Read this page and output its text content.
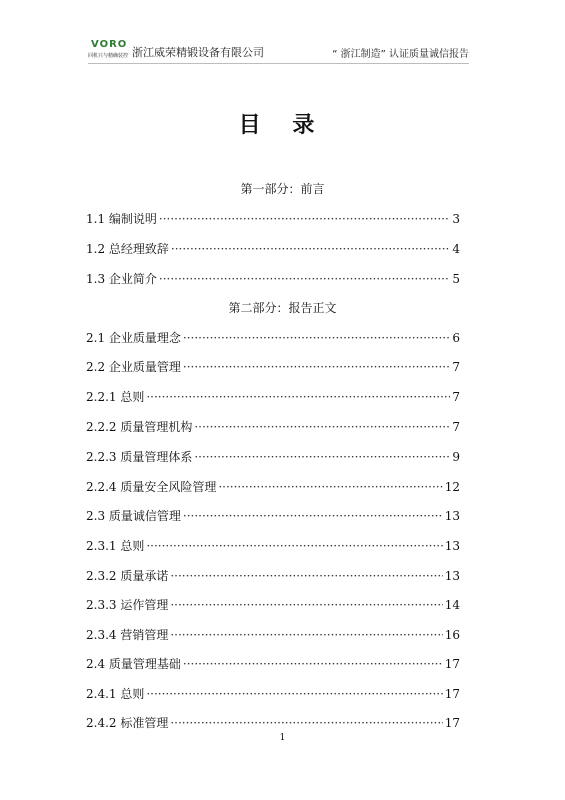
VORO
回机只与精确装控 浙江威荣精锻设备有限公司	“ 浙江制造” 认证质量诚信报告
目 录
第一部分：前言
1.1 编制说明 ·····	3
1.2 总经理致辞 ·····	4
1.3 企业简介 ·····	5
第二部分：报告正文
2.1 企业质量理念 ·····	6
2.2 企业质量管理 ·····	7
2.2.1 总则 ·····	7
2.2.2 质量管理机构 ·····	7
2.2.3 质量管理体系 ·····	9
2.2.4 质量安全风险管理 ·····	12
2.3 质量诚信管理 ·····	13
2.3.1 总则 ·····	13
2.3.2 质量承诺 ·····	13
2.3.3 运作管理 ·····	14
2.3.4 营销管理 ·····	16
2.4 质量管理基础 ·····	17
2.4.1 总则 ·····	17
2.4.2 标准管理 ·····	17
1
